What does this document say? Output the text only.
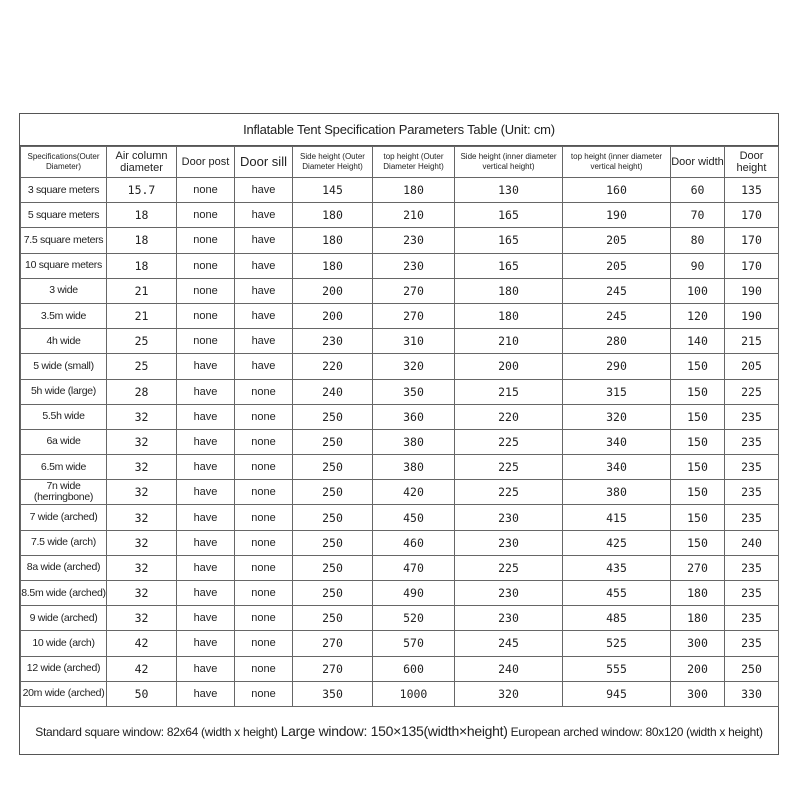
Inflatable Tent Specification Parameters Table (Unit: cm)
Specifications(Outer Diameter)	Air column diameter	Door post	Door sill	Side height (Outer Diameter Height)	top height (Outer Diameter Height)	Side height (inner diameter vertical height)	top height (inner diameter vertical height)	Door width	Door height
3 square meters	15.7	none	have	145	180	130	160	60	135
5 square meters	18	none	have	180	210	165	190	70	170
7.5 square meters	18	none	have	180	230	165	205	80	170
10 square meters	18	none	have	180	230	165	205	90	170
3 wide	21	none	have	200	270	180	245	100	190
3.5m wide	21	none	have	200	270	180	245	120	190
4h wide	25	none	have	230	310	210	280	140	215
5 wide (small)	25	have	have	220	320	200	290	150	205
5h wide (large)	28	have	none	240	350	215	315	150	225
5.5h wide	32	have	none	250	360	220	320	150	235
6a wide	32	have	none	250	380	225	340	150	235
6.5m wide	32	have	none	250	380	225	340	150	235
7n wide (herringbone)	32	have	none	250	420	225	380	150	235
7 wide (arched)	32	have	none	250	450	230	415	150	235
7.5 wide (arch)	32	have	none	250	460	230	425	150	240
8a wide (arched)	32	have	none	250	470	225	435	270	235
8.5m wide (arched)	32	have	none	250	490	230	455	180	235
9 wide (arched)	32	have	none	250	520	230	485	180	235
10 wide (arch)	42	have	none	270	570	245	525	300	235
12 wide (arched)	42	have	none	270	600	240	555	200	250
20m wide (arched)	50	have	none	350	1000	320	945	300	330
Standard square window: 82x64 (width x height) Large window: 150×135(width×height) European arched window: 80x120 (width x height)
